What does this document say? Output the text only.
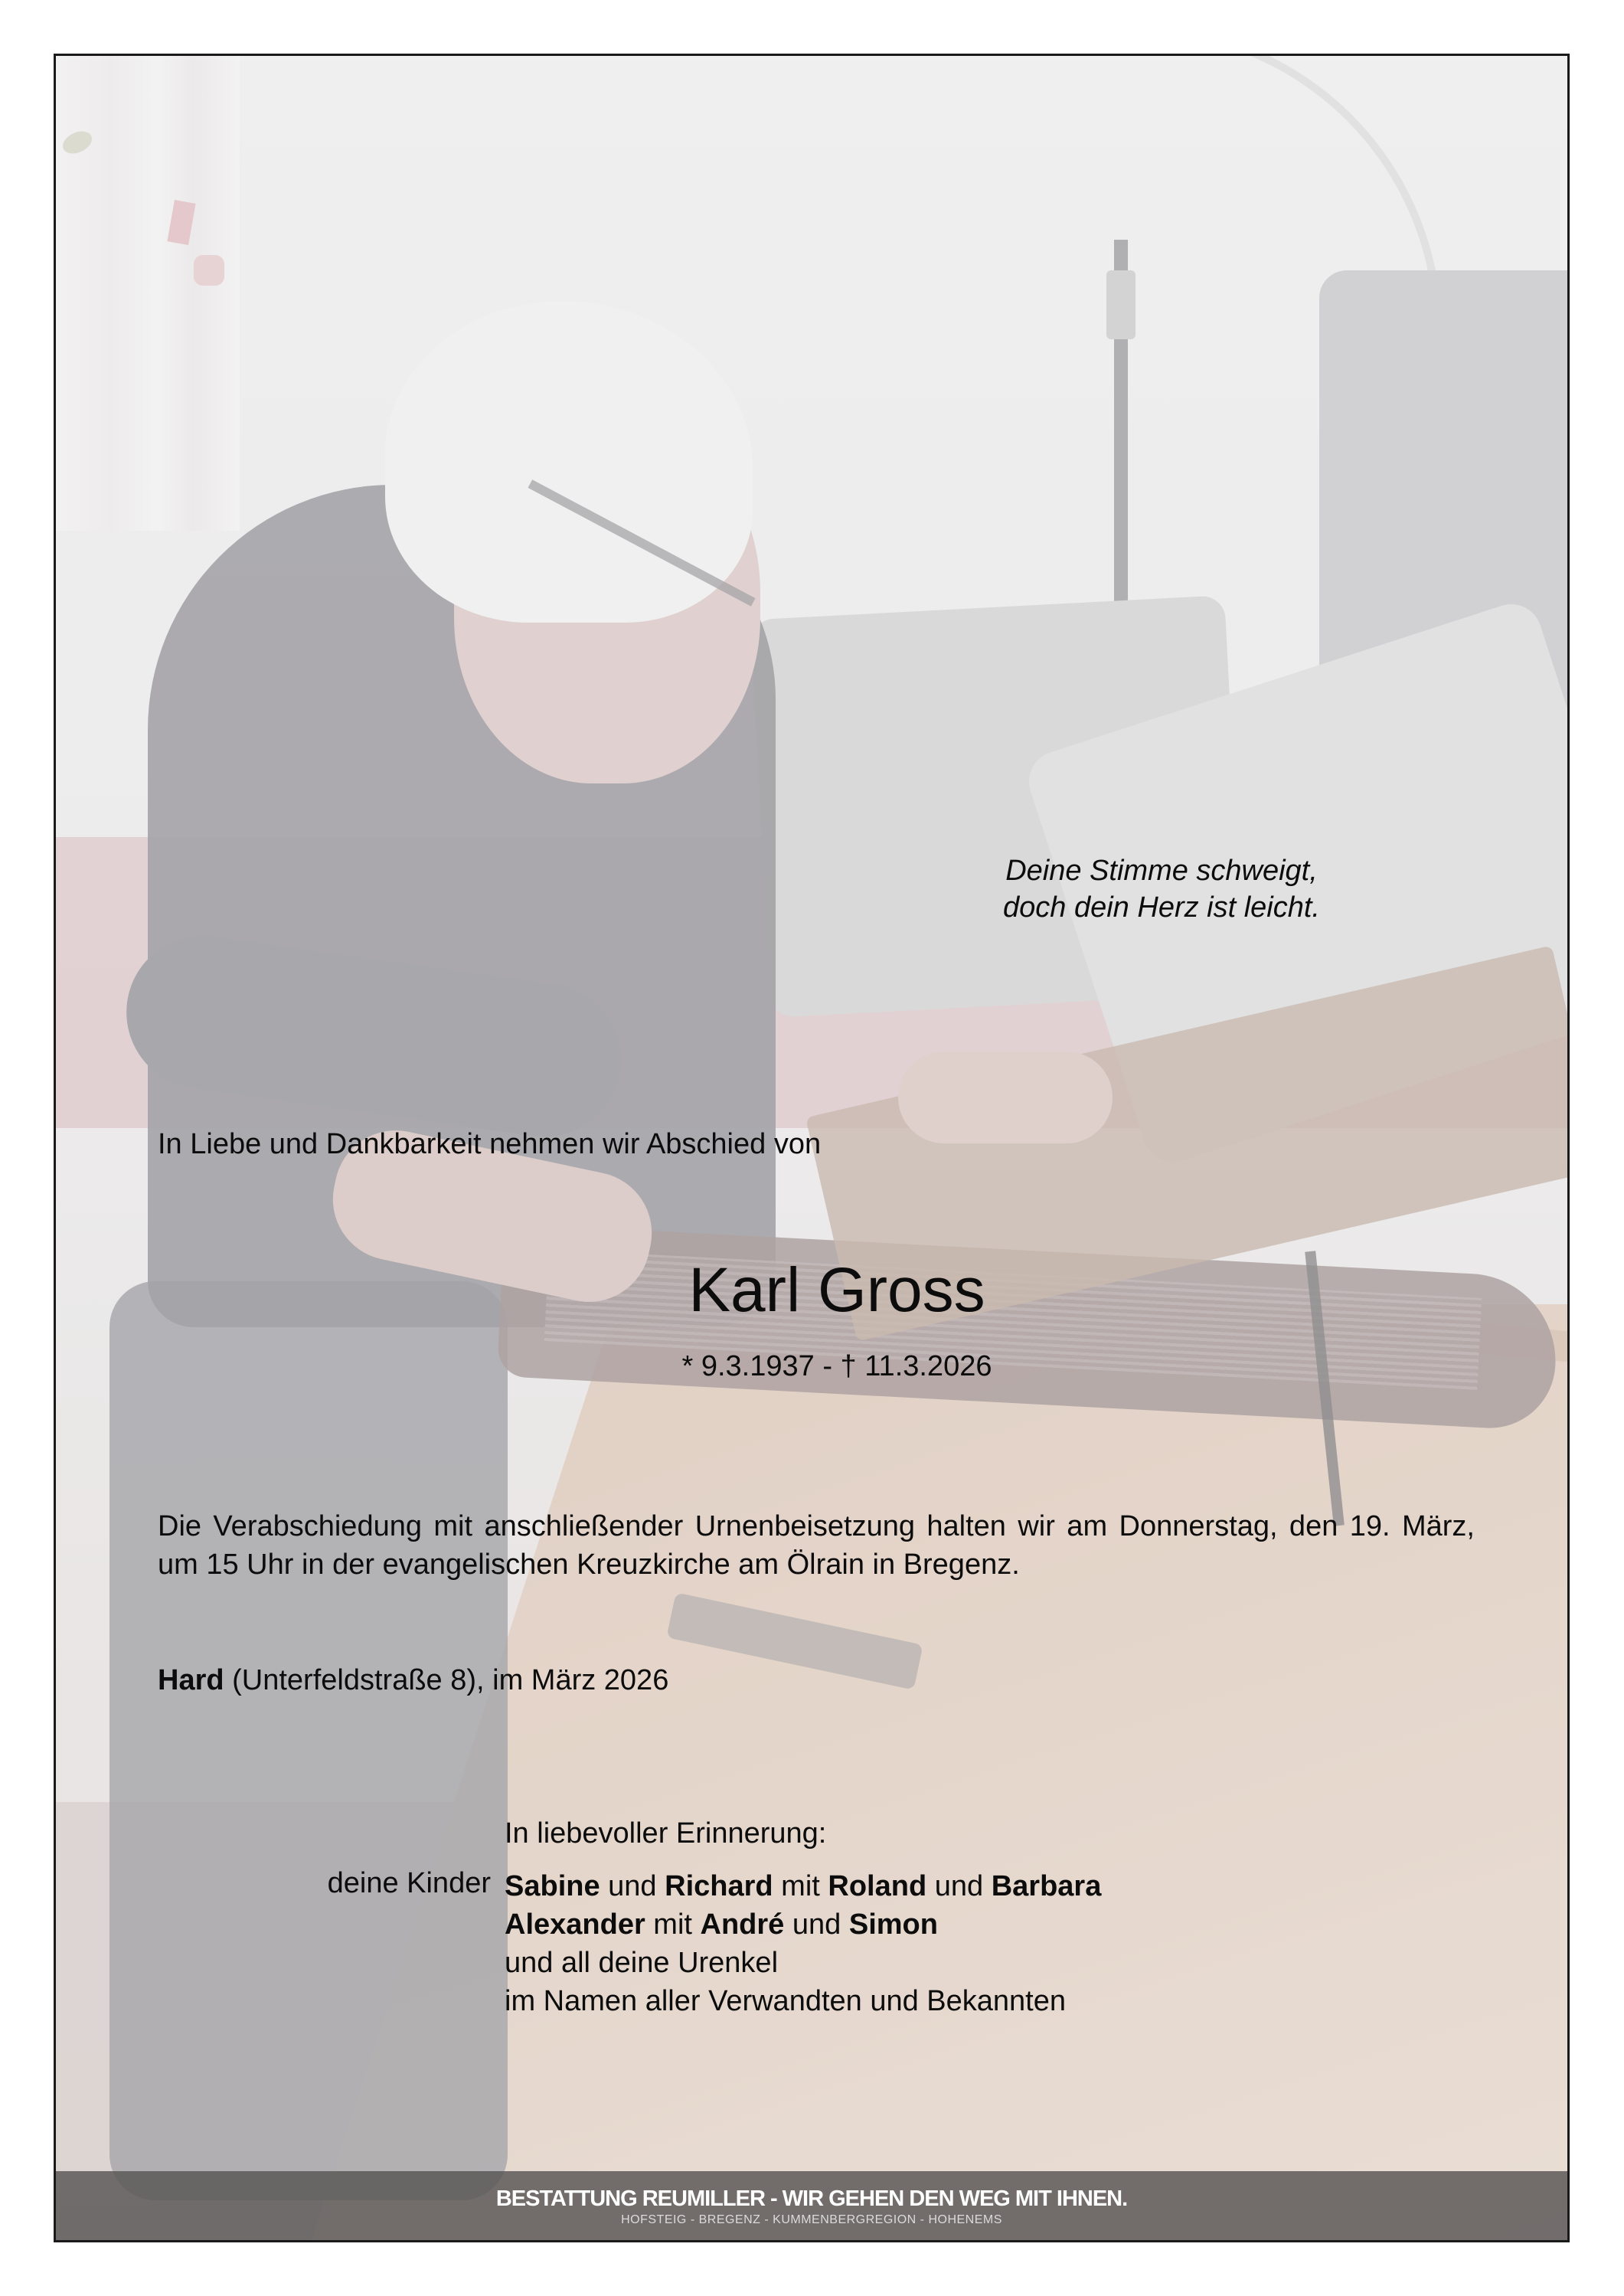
Deine Stimme schweigt,
doch dein Herz ist leicht.
In Liebe und Dankbarkeit nehmen wir Abschied von
Karl Gross
* 9.3.1937 - † 11.3.2026
Die Verabschiedung mit anschließender Urnenbeisetzung halten wir am Donnerstag, den 19. März, um 15 Uhr in der evangelischen Kreuzkirche am Ölrain in Bregenz.
Hard (Unterfeldstraße 8), im März 2026
In liebevoller Erinnerung:
deine Kinder Sabine und Richard mit Roland und Barbara
Alexander mit André und Simon
und all deine Urenkel
im Namen aller Verwandten und Bekannten
BESTATTUNG REUMILLER - WIR GEHEN DEN WEG MIT IHNEN.
HOFSTEIG - BREGENZ - KUMMENBERGREGION - HOHENEMS
